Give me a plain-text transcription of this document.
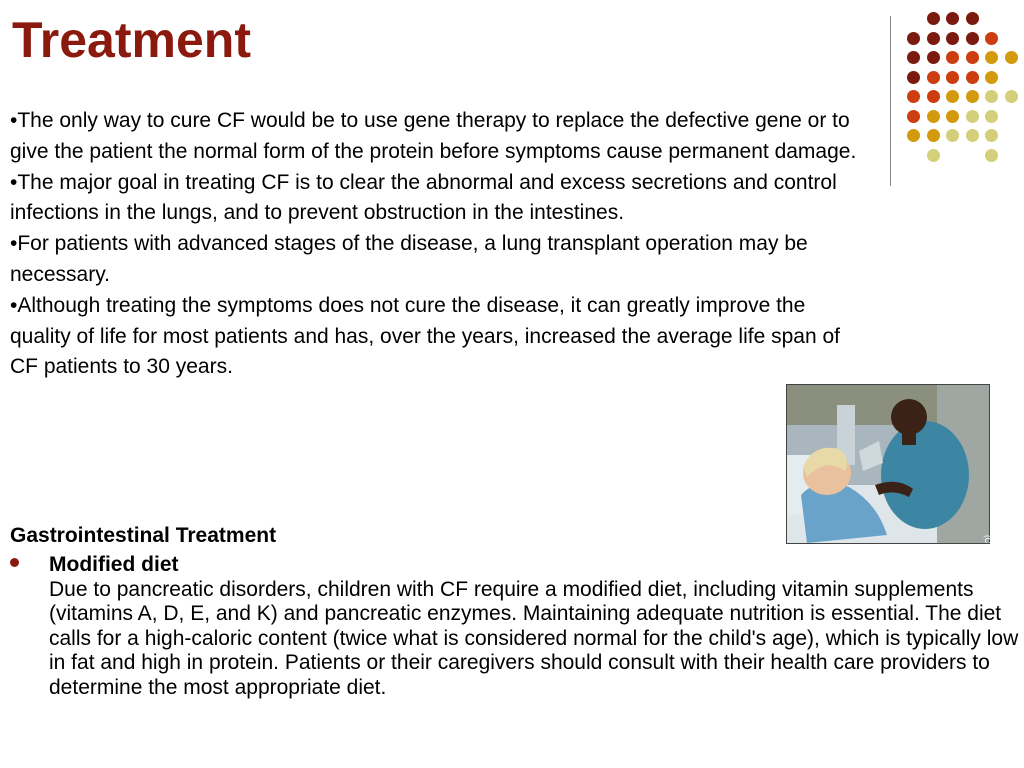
Treatment

•The only way to cure CF would be to use gene therapy to replace the defective gene or to give the patient the normal form of the protein before symptoms cause permanent damage.

•The major goal in treating CF is to clear the abnormal and excess secretions and control infections in the lungs, and to prevent obstruction in the intestines.

•For patients with advanced stages of the disease, a lung transplant operation may be necessary.

•Although treating the symptoms does not cure the disease, it can greatly improve the quality of life for most patients and has, over the years, increased the average life span of CF patients to 30 years.

(CNN)
Gastrointestinal Treatment
Modified diet
Due to pancreatic disorders, children with CF require a modified diet, including vitamin supplements (vitamins A, D, E, and K) and pancreatic enzymes. Maintaining adequate nutrition is essential. The diet calls for a high-caloric content (twice what is considered normal for the child's age), which is typically low in fat and high in protein. Patients or their caregivers should consult with their health care providers to determine the most appropriate diet.
